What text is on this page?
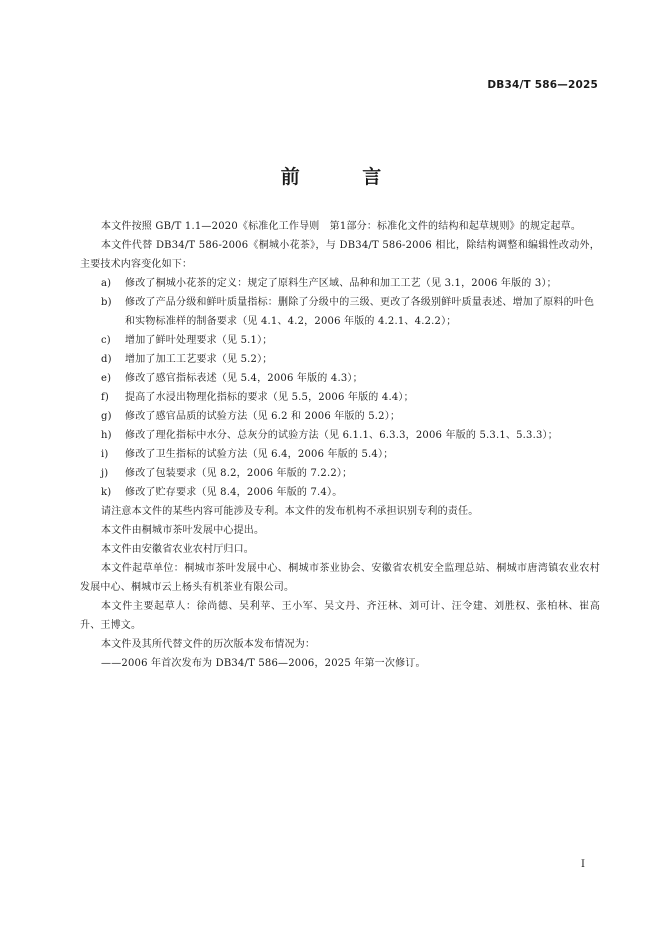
DB34/T 586—2025
前 言

本文件按照 GB/T 1.1—2020《标准化工作导则　第1部分：标准化文件的结构和起草规则》的规定起草。

本文件代替 DB34/T 586-2006《桐城小花茶》，与 DB34/T 586-2006 相比，除结构调整和编辑性改动外，主要技术内容变化如下：

a) 修改了桐城小花茶的定义：规定了原料生产区域、品种和加工工艺（见 3.1，2006 年版的 3）；
b) 修改了产品分级和鲜叶质量指标：删除了分级中的三级、更改了各级别鲜叶质量表述、增加了原料的叶色和实物标准样的制备要求（见 4.1、4.2，2006 年版的 4.2.1、4.2.2）；
c) 增加了鲜叶处理要求（见 5.1）；
d) 增加了加工工艺要求（见 5.2）；
e) 修改了感官指标表述（见 5.4，2006 年版的 4.3）；
f) 提高了水浸出物理化指标的要求（见 5.5，2006 年版的 4.4）；
g) 修改了感官品质的试验方法（见 6.2 和 2006 年版的 5.2）；
h) 修改了理化指标中水分、总灰分的试验方法（见 6.1.1、6.3.3，2006 年版的 5.3.1、5.3.3）；
i) 修改了卫生指标的试验方法（见 6.4，2006 年版的 5.4）；
j) 修改了包装要求（见 8.2，2006 年版的 7.2.2）；
k) 修改了贮存要求（见 8.4，2006 年版的 7.4）。

请注意本文件的某些内容可能涉及专利。本文件的发布机构不承担识别专利的责任。

本文件由桐城市茶叶发展中心提出。

本文件由安徽省农业农村厅归口。

本文件起草单位：桐城市茶叶发展中心、桐城市茶业协会、安徽省农机安全监理总站、桐城市唐湾镇农业农村发展中心、桐城市云上杨头有机茶业有限公司。

本文件主要起草人：徐尚德、吴利苹、王小军、吴文丹、齐汪林、刘可计、汪令建、刘胜权、张柏林、崔高升、王博文。

本文件及其所代替文件的历次版本发布情况为：

——2006 年首次发布为 DB34/T 586—2006，2025 年第一次修订。

I
